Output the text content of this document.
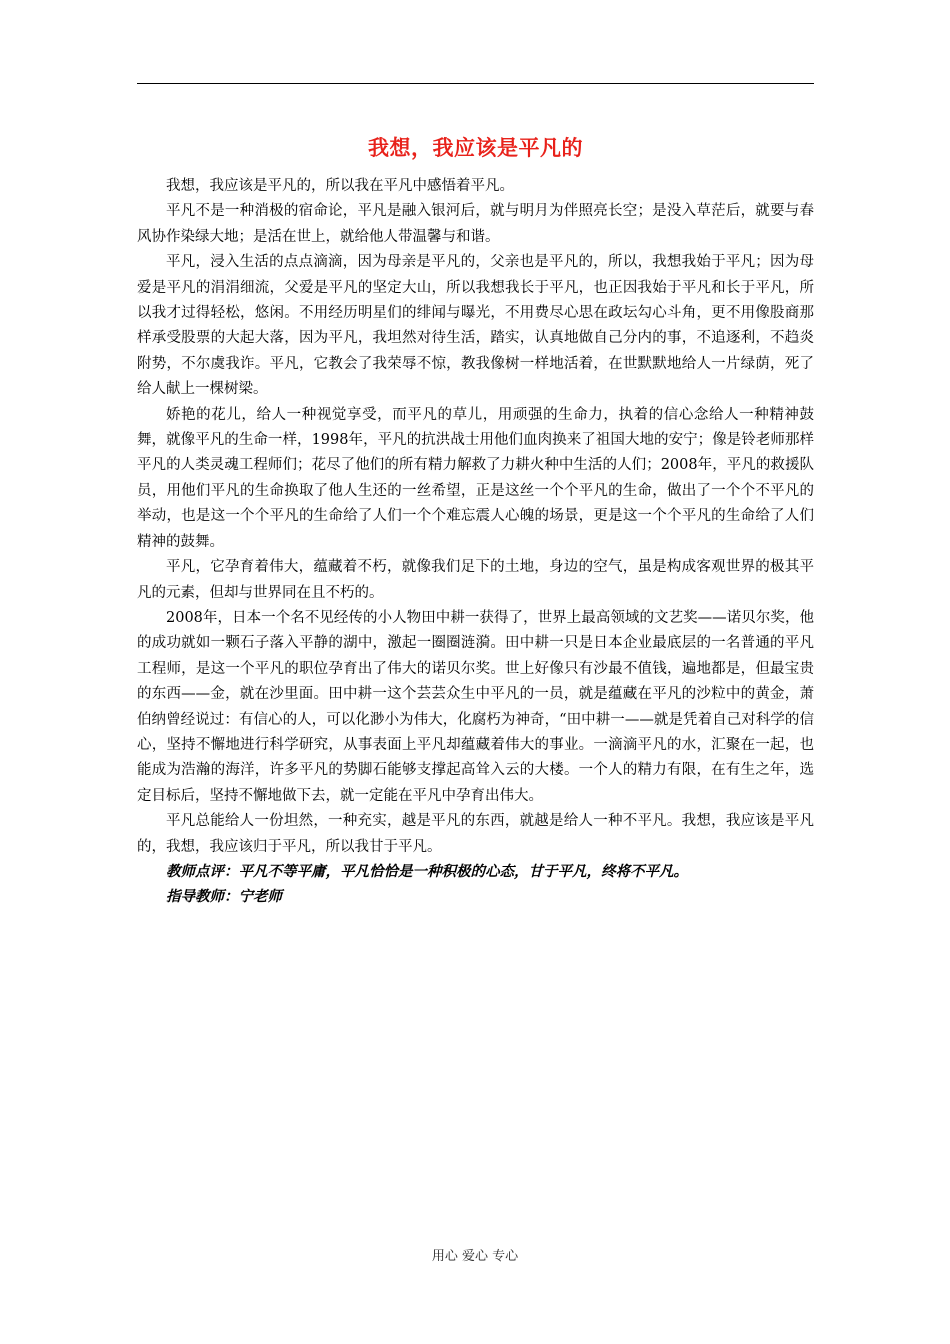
我想，我应该是平凡的

我想，我应该是平凡的，所以我在平凡中感悟着平凡。

平凡不是一种消极的宿命论，平凡是融入银河后，就与明月为伴照亮长空；是没入草茫后，就要与春风协作染绿大地；是活在世上，就给他人带温馨与和谐。

平凡，浸入生活的点点滴滴，因为母亲是平凡的，父亲也是平凡的，所以，我想我始于平凡；因为母爱是平凡的涓涓细流，父爱是平凡的坚定大山，所以我想我长于平凡，也正因我始于平凡和长于平凡，所以我才过得轻松，悠闲。不用经历明星们的绯闻与曝光，不用费尽心思在政坛勾心斗角，更不用像股商那样承受股票的大起大落，因为平凡，我坦然对待生活，踏实，认真地做自己分内的事，不追逐利，不趋炎附势，不尔虞我诈。平凡，它教会了我荣辱不惊，教我像树一样地活着，在世默默地给人一片绿荫，死了给人献上一棵树梁。

娇艳的花儿，给人一种视觉享受，而平凡的草儿，用顽强的生命力，执着的信心念给人一种精神鼓舞，就像平凡的生命一样，1998年，平凡的抗洪战士用他们血肉换来了祖国大地的安宁；像是铃老师那样平凡的人类灵魂工程师们；花尽了他们的所有精力解救了力耕火种中生活的人们；2008年，平凡的救援队员，用他们平凡的生命换取了他人生还的一丝希望，正是这丝一个个平凡的生命，做出了一个个不平凡的举动，也是这一个个平凡的生命给了人们一个个难忘震人心魄的场景，更是这一个个平凡的生命给了人们精神的鼓舞。

平凡，它孕育着伟大，蕴藏着不朽，就像我们足下的土地，身边的空气，虽是构成客观世界的极其平凡的元素，但却与世界同在且不朽的。

2008年，日本一个名不见经传的小人物田中耕一获得了，世界上最高领域的文艺奖——诺贝尔奖，他的成功就如一颗石子落入平静的湖中，激起一圈圈涟漪。田中耕一只是日本企业最底层的一名普通的平凡工程师，是这一个平凡的职位孕育出了伟大的诺贝尔奖。世上好像只有沙最不值钱，遍地都是，但最宝贵的东西——金，就在沙里面。田中耕一这个芸芸众生中平凡的一员，就是蕴藏在平凡的沙粒中的黄金，萧伯纳曾经说过：有信心的人，可以化渺小为伟大，化腐朽为神奇，“田中耕一——就是凭着自己对科学的信心，坚持不懈地进行科学研究，从事表面上平凡却蕴藏着伟大的事业。一滴滴平凡的水，汇聚在一起，也能成为浩瀚的海洋，许多平凡的势脚石能够支撑起高耸入云的大楼。一个人的精力有限，在有生之年，选定目标后，坚持不懈地做下去，就一定能在平凡中孕育出伟大。

平凡总能给人一份坦然，一种充实，越是平凡的东西，就越是给人一种不平凡。我想，我应该是平凡的，我想，我应该归于平凡，所以我甘于平凡。

教师点评：平凡不等平庸，平凡恰恰是一种积极的心态，甘于平凡，终将不平凡。

指导教师：宁老师

用心 爱心 专心
